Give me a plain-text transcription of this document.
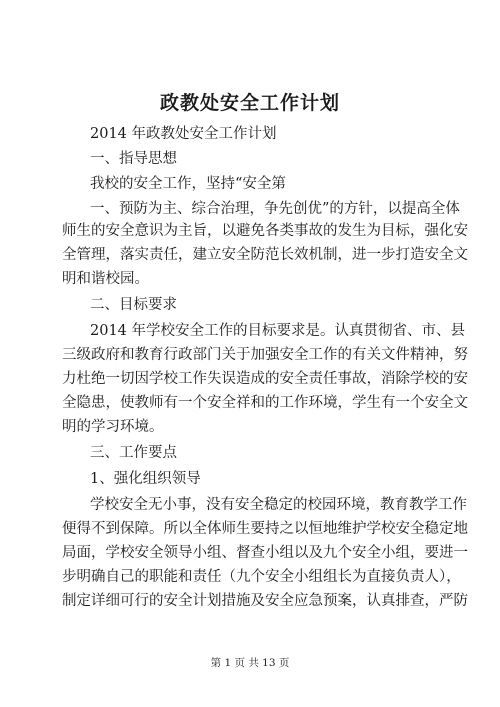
政教处安全工作计划
2014 年政教处安全工作计划
一、指导思想
我校的安全工作，坚持“安全第
一、预防为主、综合治理，争先创优”的方针，以提高全体
师生的安全意识为主旨，以避免各类事故的发生为目标，强化安
全管理，落实责任，建立安全防范长效机制，进一步打造安全文
明和谐校园。
二、目标要求
2014 年学校安全工作的目标要求是。认真贯彻省、市、县
三级政府和教育行政部门关于加强安全工作的有关文件精神，努
力杜绝一切因学校工作失误造成的安全责任事故，消除学校的安
全隐患，使教师有一个安全祥和的工作环境，学生有一个安全文
明的学习环境。
三、工作要点
1、强化组织领导
学校安全无小事，没有安全稳定的校园环境，教育教学工作
便得不到保障。所以全体师生要持之以恒地维护学校安全稳定地
局面，学校安全领导小组、督查小组以及九个安全小组，要进一
步明确自己的职能和责任（九个安全小组组长为直接负责人），
制定详细可行的安全计划措施及安全应急预案，认真排查，严防
第 1 页 共 13 页
